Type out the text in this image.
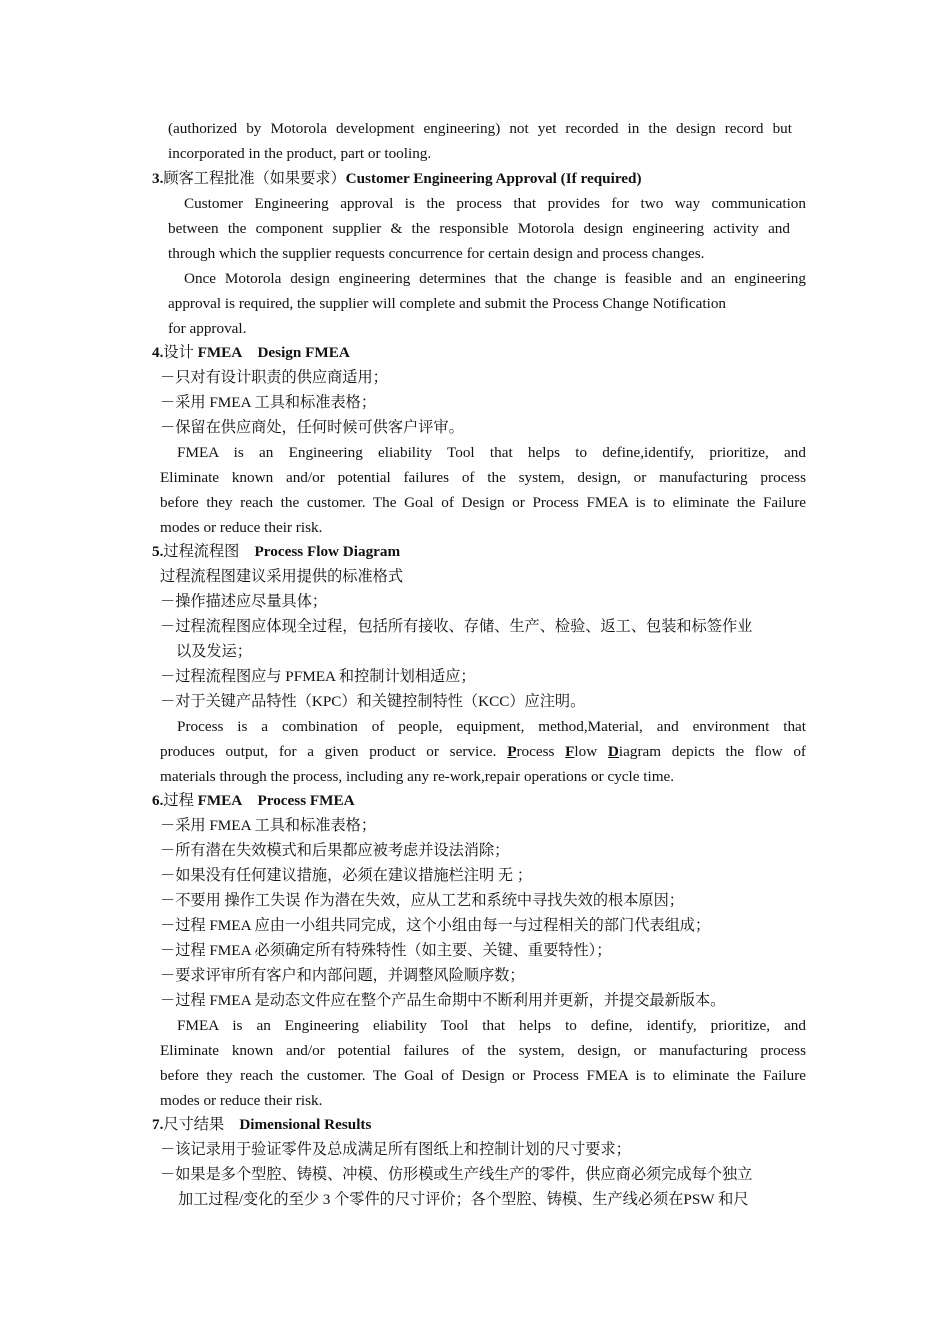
(authorized by Motorola development engineering) not yet recorded in the design record but
incorporated in the product, part or tooling.
3.顾客工程批准（如果要求）Customer Engineering Approval (If required)
Customer Engineering approval is the process that provides for two way communication
between the component supplier & the responsible Motorola design engineering activity and
through which the supplier requests concurrence for certain design and process changes.
Once Motorola design engineering determines that the change is feasible and an engineering
approval is required, the supplier will complete and submit the Process Change Notification
for approval.
4.设计 FMEA Design FMEA
－只对有设计职责的供应商适用；
－采用 FMEA 工具和标准表格；
－保留在供应商处，任何时候可供客户评审。
FMEA is an Engineering eliability Tool that helps to define,identify, prioritize, and
Eliminate known and/or potential failures of the system, design, or manufacturing process
before they reach the customer. The Goal of Design or Process FMEA is to eliminate the Failure
modes or reduce their risk.
5.过程流程图 Process Flow Diagram
过程流程图建议采用提供的标准格式
－操作描述应尽量具体；
－过程流程图应体现全过程，包括所有接收、存储、生产、检验、返工、包装和标签作业
以及发运；
－过程流程图应与 PFMEA 和控制计划相适应；
－对于关键产品特性（KPC）和关键控制特性（KCC）应注明。
Process is a combination of people, equipment, method,Material, and environment that
produces output, for a given product or service. Process Flow Diagram depicts the flow of
materials through the process, including any re-work,repair operations or cycle time.
6.过程 FMEA Process FMEA
－采用 FMEA 工具和标准表格；
－所有潜在失效模式和后果都应被考虑并设法消除；
－如果没有任何建议措施，必须在建议措施栏注明 无 ；
－不要用 操作工失误 作为潜在失效，应从工艺和系统中寻找失效的根本原因；
－过程 FMEA 应由一小组共同完成，这个小组由每一与过程相关的部门代表组成；
－过程 FMEA 必须确定所有特殊特性（如主要、关键、重要特性）；
－要求评审所有客户和内部问题，并调整风险顺序数；
－过程 FMEA 是动态文件应在整个产品生命期中不断利用并更新，并提交最新版本。
FMEA is an Engineering eliability Tool that helps to define, identify, prioritize, and
Eliminate known and/or potential failures of the system, design, or manufacturing process
before they reach the customer. The Goal of Design or Process FMEA is to eliminate the Failure
modes or reduce their risk.
7.尺寸结果 Dimensional Results
－该记录用于验证零件及总成满足所有图纸上和控制计划的尺寸要求；
－如果是多个型腔、铸模、冲模、仿形模或生产线生产的零件，供应商必须完成每个独立
加工过程/变化的至少 3 个零件的尺寸评价；各个型腔、铸模、生产线必须在PSW 和尺
